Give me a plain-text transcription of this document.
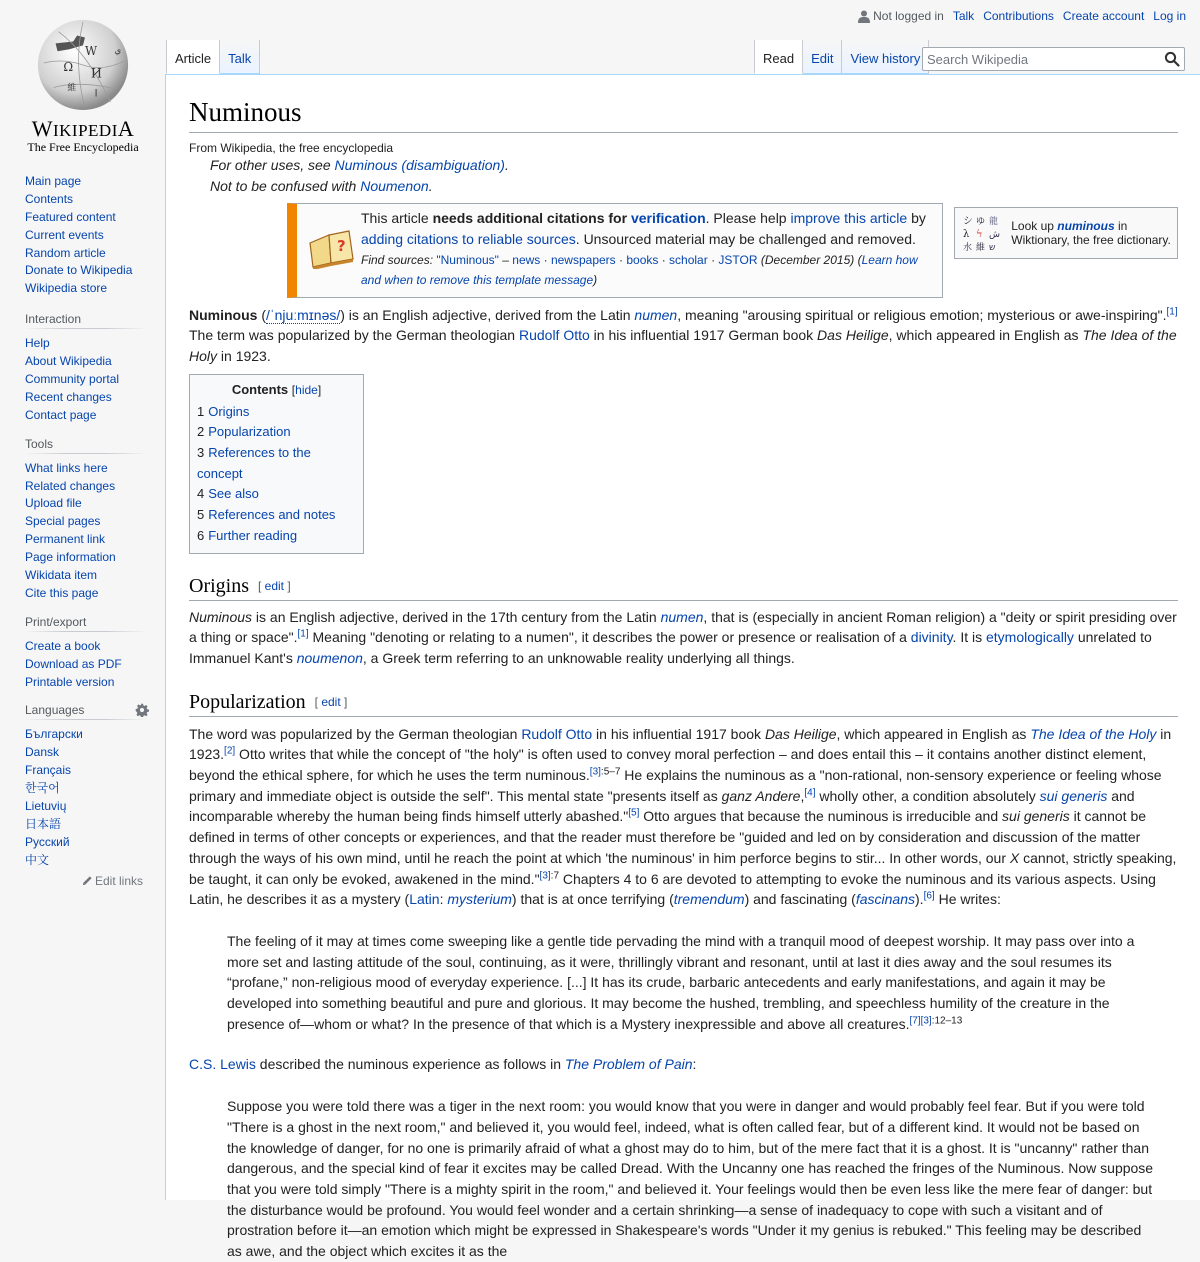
Not logged in Talk Contributions Create account Log in
Ω
W
И
維 ן
ي
WIKIPEDIA
The Free Encyclopedia
Article	Talk	Read	Edit	View history
Search Wikipedia
Main page
Contents
Featured content
Current events
Random article
Donate to Wikipedia
Wikipedia store
Interaction
Help
About Wikipedia
Community portal
Recent changes
Contact page
Tools
What links here
Related changes
Upload file
Special pages
Permanent link
Page information
Wikidata item
Cite this page
Print/export
Create a book
Download as PDF
Printable version
Languages
Български
Dansk
Français
한국어
Lietuvių
日本語
Русский
中文
Edit links
Numinous
From Wikipedia, the free encyclopedia
For other uses, see Numinous (disambiguation).
Not to be confused with Noumenon.
?
This article needs additional citations for verification. Please help improve this article by adding citations to reliable sources. Unsourced material may be challenged and removed.
Find sources: "Numinous" – news · newspapers · books · scholar · JSTOR (December 2015) (Learn how and when to remove this template message)
シ ゆ 龍
λ ϟ ش
水 維 ש
Look up numinous in Wiktionary, the free dictionary.

Numinous (/ˈnjuːmɪnəs/) is an English adjective, derived from the Latin numen, meaning "arousing spiritual or religious emotion; mysterious or awe-inspiring".[1] The term was popularized by the German theologian Rudolf Otto in his influential 1917 German book Das Heilige, which appeared in English as The Idea of the Holy in 1923.

Contents [hide]
1 Origins
2 Popularization
3 References to the concept
4 See also
5 References and notes
6 Further reading
Origins [ edit ]

Numinous is an English adjective, derived in the 17th century from the Latin numen, that is (especially in ancient Roman religion) a "deity or spirit presiding over a thing or space".[1] Meaning "denoting or relating to a numen", it describes the power or presence or realisation of a divinity. It is etymologically unrelated to Immanuel Kant's noumenon, a Greek term referring to an unknowable reality underlying all things.

Popularization [ edit ]

The word was popularized by the German theologian Rudolf Otto in his influential 1917 book Das Heilige, which appeared in English as The Idea of the Holy in 1923.[2] Otto writes that while the concept of "the holy" is often used to convey moral perfection – and does entail this – it contains another distinct element, beyond the ethical sphere, for which he uses the term numinous.$^{[3]:5-7}$ He explains the numinous as a "non-rational, non-sensory experience or feeling whose primary and immediate object is outside the self". This mental state "presents itself as ganz Andere,[4] wholly other, a condition absolutely sui generis and incomparable whereby the human being finds himself utterly abashed."[5] Otto argues that because the numinous is irreducible and sui generis it cannot be defined in terms of other concepts or experiences, and that the reader must therefore be "guided and led on by consideration and discussion of the matter through the ways of his own mind, until he reach the point at which 'the numinous' in him perforce begins to stir... In other words, our X cannot, strictly speaking, be taught, it can only be evoked, awakened in the mind."$^{[3]:7}$ Chapters 4 to 6 are devoted to attempting to evoke the numinous and its various aspects. Using Latin, he describes it as a mystery (Latin: mysterium) that is at once terrifying (tremendum) and fascinating (fascinans).[6] He writes:

The feeling of it may at times come sweeping like a gentle tide pervading the mind with a tranquil mood of deepest worship. It may pass over into a more set and lasting attitude of the soul, continuing, as it were, thrillingly vibrant and resonant, until at last it dies away and the soul resumes its “profane,” non-religious mood of everyday experience. [...] It has its crude, barbaric antecedents and early manifestations, and again it may be developed into something beautiful and pure and glorious. It may become the hushed, trembling, and speechless humility of the creature in the presence of—whom or what? In the presence of that which is a Mystery inexpressible and above all creatures.$^{[7][3]:12-13}$

C.S. Lewis described the numinous experience as follows in The Problem of Pain:

Suppose you were told there was a tiger in the next room: you would know that you were in danger and would probably feel fear. But if you were told "There is a ghost in the next room," and believed it, you would feel, indeed, what is often called fear, but of a different kind. It would not be based on the knowledge of danger, for no one is primarily afraid of what a ghost may do to him, but of the mere fact that it is a ghost. It is "uncanny" rather than dangerous, and the special kind of fear it excites may be called Dread. With the Uncanny one has reached the fringes of the Numinous. Now suppose that you were told simply "There is a mighty spirit in the room," and believed it. Your feelings would then be even less like the mere fear of danger: but the disturbance would be profound. You would feel wonder and a certain shrinking—a sense of inadequacy to cope with such a visitant and of prostration before it—an emotion which might be expressed in Shakespeare's words "Under it my genius is rebuked." This feeling may be described as awe, and the object which excites it as the
